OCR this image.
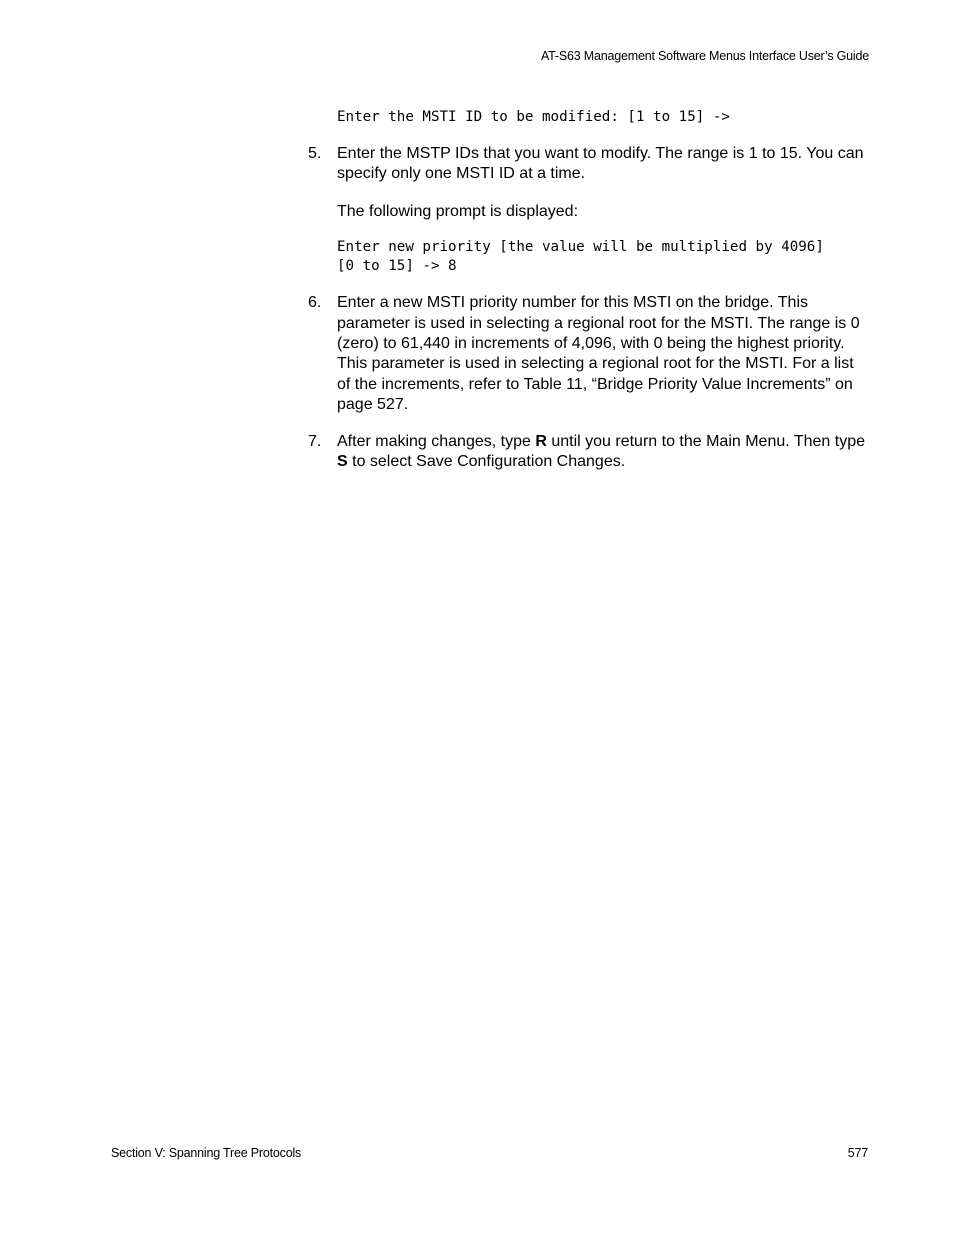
AT-S63 Management Software Menus Interface User’s Guide
Enter the MSTI ID to be modified: [1 to 15] ->
5. Enter the MSTP IDs that you want to modify. The range is 1 to 15. You can specify only one MSTI ID at a time.
The following prompt is displayed:
Enter new priority [the value will be multiplied by 4096]
[0 to 15] -> 8
6. Enter a new MSTI priority number for this MSTI on the bridge. This parameter is used in selecting a regional root for the MSTI. The range is 0 (zero) to 61,440 in increments of 4,096, with 0 being the highest priority. This parameter is used in selecting a regional root for the MSTI. For a list of the increments, refer to Table 11, “Bridge Priority Value Increments” on page 527.
7. After making changes, type R until you return to the Main Menu. Then type S to select Save Configuration Changes.
Section V: Spanning Tree Protocols	577
